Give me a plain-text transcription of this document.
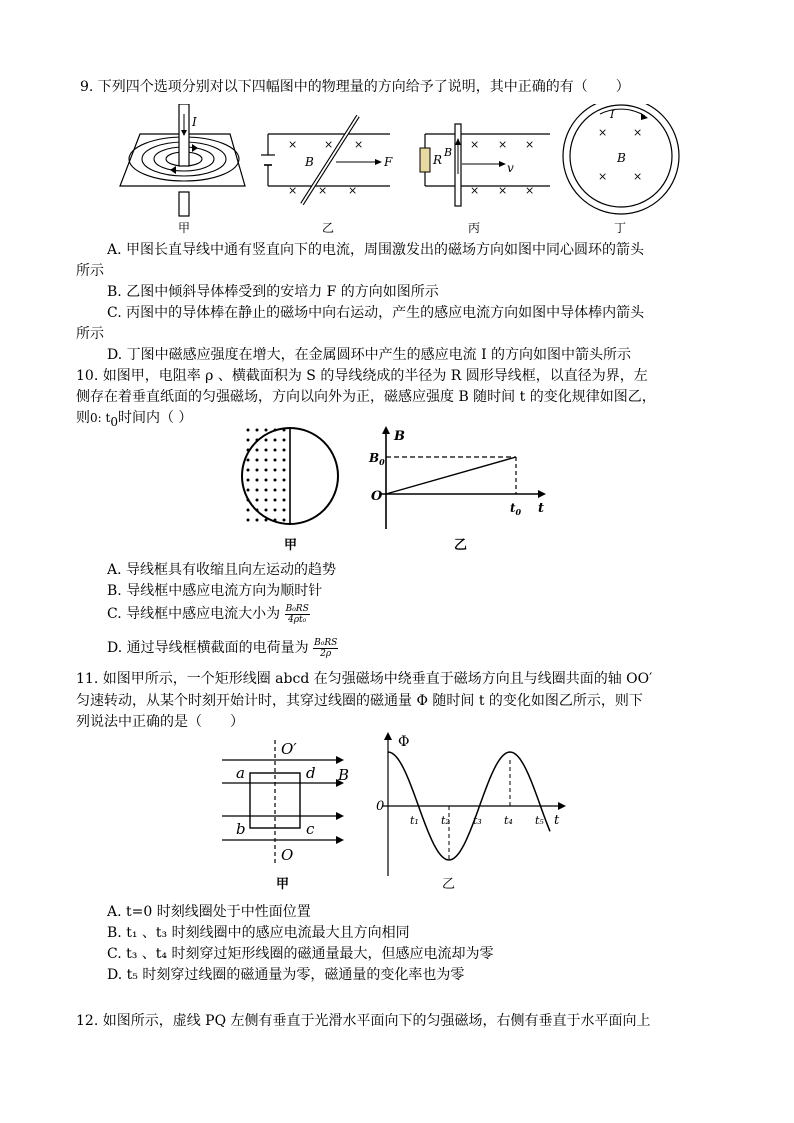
9. 下列四个选项分别对以下四幅图中的物理量的方向给予了说明，其中正确的有（　　）
I
甲
× × ×
× × ×
B	F
乙
R
B
× × ×
× × ×
v
丙
I
× ×
B
× ×
丁
A. 甲图长直导线中通有竖直向下的电流，周围激发出的磁场方向如图中同心圆环的箭头
所示
B. 乙图中倾斜导体棒受到的安培力 F 的方向如图所示
C. 丙图中的导体棒在静止的磁场中向右运动，产生的感应电流方向如图中导体棒内箭头
所示
D. 丁图中磁感应强度在增大，在金属圆环中产生的感应电流 I 的方向如图中箭头所示
10. 如图甲，电阻率 ρ 、横截面积为 S 的导线绕成的半径为 R 圆形导线框，以直径为界，左
侧存在着垂直纸面的匀强磁场，方向以向外为正，磁感应强度 B 随时间 t 的变化规律如图乙，
则0: $t_0$时间内（ ）
甲
B
$B_0$
O
$t_0$ t
乙
A. 导线框具有收缩且向左运动的趋势
B. 导线框中感应电流方向为顺时针
C. 导线框中感应电流大小为 $\frac{\text{B₀RS}}{\text{4ρt₀}}$
D. 通过导线框横截面的电荷量为 $\frac{\text{B₀RS}}{2\rho}$
11. 如图甲所示，一个矩形线圈 abcd 在匀强磁场中绕垂直于磁场方向且与线圈共面的轴 OO′
匀速转动，从某个时刻开始计时，其穿过线圈的磁通量 Φ 随时间 t 的变化如图乙所示，则下
列说法中正确的是（　　）
O′
O
a
b	c
d B
甲
Φ
0
t₁ t₂ t₃ t₄ t₅ t
乙
A. t=0 时刻线圈处于中性面位置
B. t₁ 、t₃ 时刻线圈中的感应电流最大且方向相同
C. t₃ 、t₄ 时刻穿过矩形线圈的磁通量最大，但感应电流却为零
D. t₅ 时刻穿过线圈的磁通量为零，磁通量的变化率也为零
12. 如图所示，虚线 PQ 左侧有垂直于光滑水平面向下的匀强磁场，右侧有垂直于水平面向上
